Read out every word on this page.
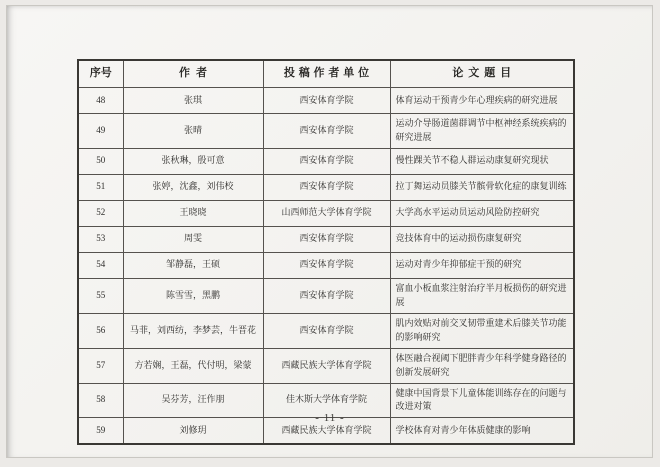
序号	作者	投稿作者单位	论文题目
48	张琪	西安体育学院	体育运动干预青少年心理疾病的研究进展
49	张晴	西安体育学院	运动介导肠道菌群调节中枢神经系统疾病的研究进展
50	张秋琳，殷可意	西安体育学院	慢性踝关节不稳人群运动康复研究现状
51	张婷，沈鑫，刘伟校	西安体育学院	拉丁舞运动员膝关节髌骨软化症的康复训练
52	王晓晓	山西师范大学体育学院	大学高水平运动员运动风险防控研究
53	周雯	西安体育学院	竞技体育中的运动损伤康复研究
54	邹静磊，王硕	西安体育学院	运动对青少年抑郁症干预的研究
55	陈雪雪，黑鹏	西安体育学院	富血小板血浆注射治疗半月板损伤的研究进展
56	马菲，刘西纺，李梦芸，牛晋花	西安体育学院	肌内效贴对前交叉韧带重建术后膝关节功能的影响研究
57	方若娴，王磊，代付明，梁蒙	西藏民族大学体育学院	体医融合视阈下肥胖青少年科学健身路径的创新发展研究
58	吴芬芳，汪作朋	佳木斯大学体育学院	健康中国背景下儿童体能训练存在的问题与改进对策
59	刘修玥	西藏民族大学体育学院	学校体育对青少年体质健康的影响
- 11 -
